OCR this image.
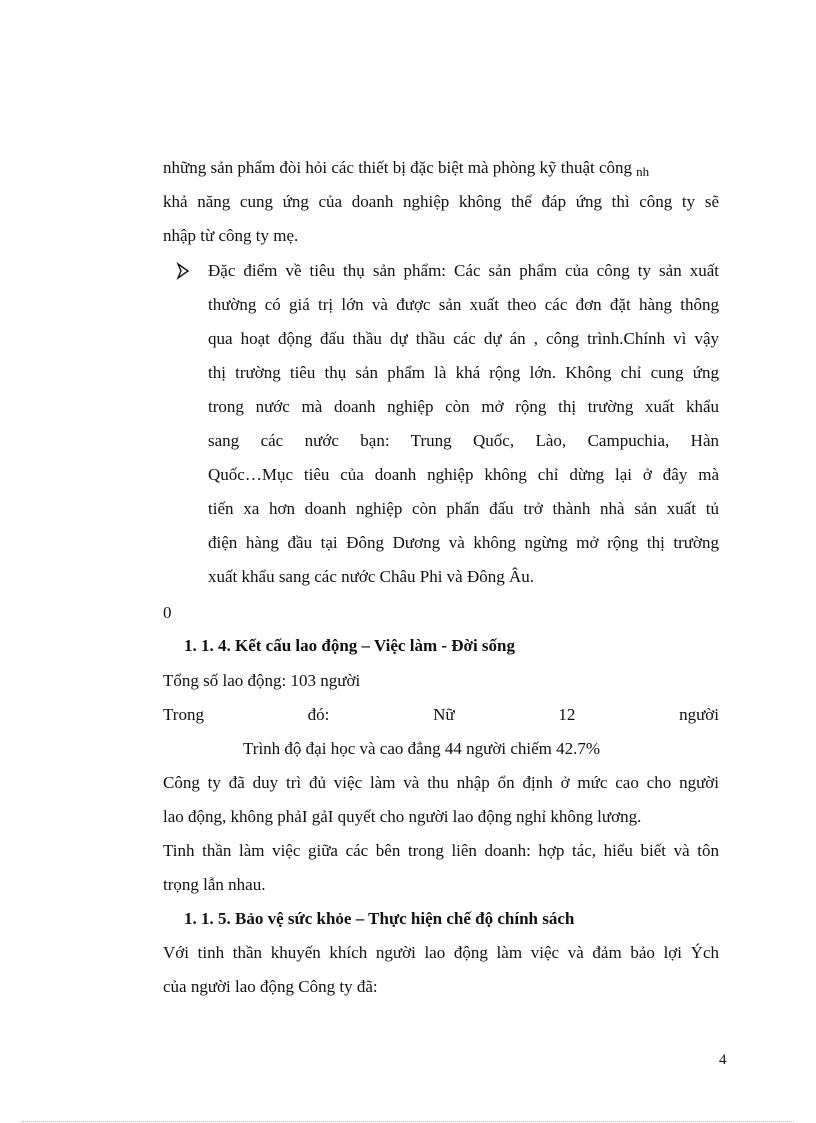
những sản phẩm đòi hỏi các thiết bị đặc biệt mà phòng kỹ thuật công nh
khả năng cung ứng của doanh nghiệp không thể đáp ứng thì công ty sẽ
nhập từ công ty mẹ.
Đặc điểm về tiêu thụ sản phẩm: Các sản phẩm của công ty sản xuất
thường có giá trị lớn và được sản xuất theo các đơn đặt hàng thông
qua hoạt động đấu thầu dự thầu các dự án , công trình.Chính vì vậy
thị trường tiêu thụ sản phẩm là khá rộng lớn. Không chỉ cung ứng
trong nước mà doanh nghiệp còn mở rộng thị trường xuất khẩu
sang các nước bạn: Trung Quốc, Lào, Campuchia, Hàn
Quốc…Mục tiêu của doanh nghiệp không chỉ dừng lại ở đây mà
tiến xa hơn doanh nghiệp còn phấn đấu trở thành nhà sản xuất tủ
điện hàng đầu tại Đông Dương và không ngừng mở rộng thị trường
xuất khẩu sang các nước Châu Phi và Đông Âu.
0
1. 1. 4. Kết cấu lao động – Việc làm - Đời sống
Tổng số lao động: 103 người
Trong	đó:	Nữ	12	người
Trình độ đại học và cao đẳng 44 người chiếm 42.7%
Công ty đã duy trì đủ việc làm và thu nhập ổn định ở mức cao cho người
lao động, không phảI gảI quyết cho người lao động nghỉ không lương.
Tinh thần làm việc giữa các bên trong liên doanh: hợp tác, hiểu biết và tôn
trọng lẫn nhau.
1. 1. 5. Bảo vệ sức khỏe – Thực hiện chế độ chính sách
Với tinh thần khuyến khích người lao động làm việc và đảm bảo lợi Ých
của người lao động Công ty đã:
4
